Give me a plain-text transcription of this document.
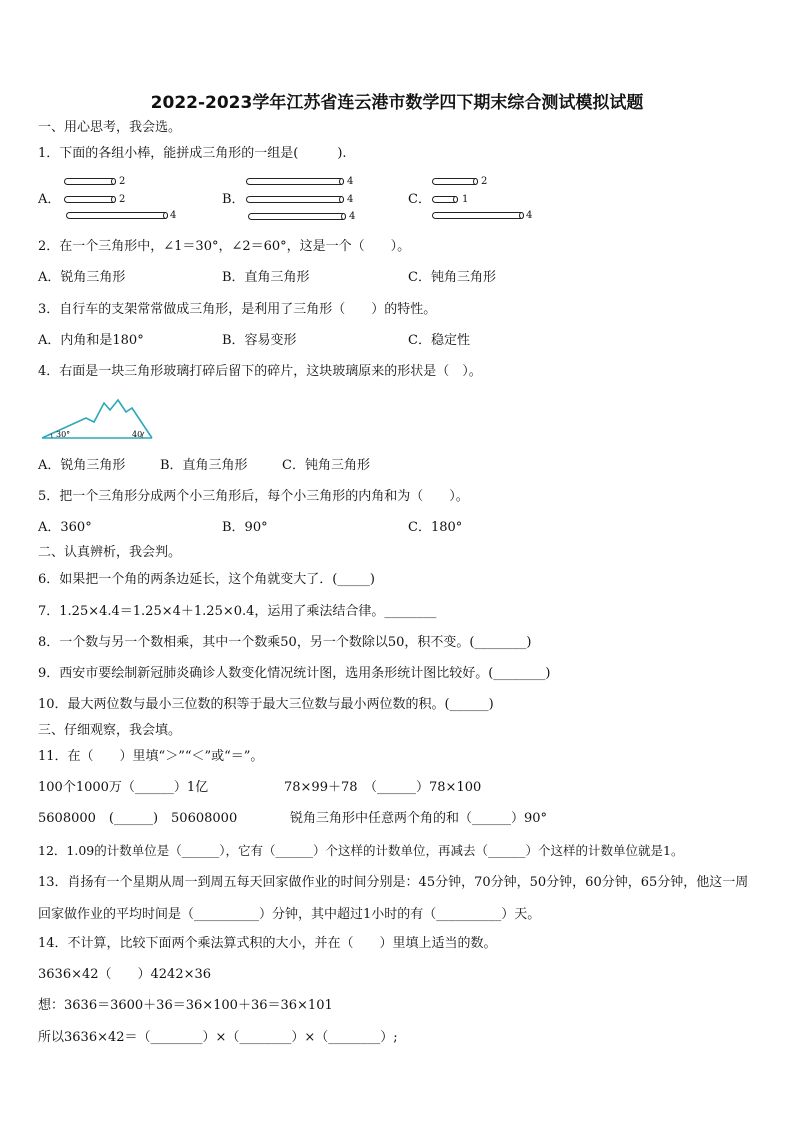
2022-2023学年江苏省连云港市数学四下期末综合测试模拟试题
一、用心思考，我会选。
1．下面的各组小棒，能拼成三角形的一组是(　　　).
A．
2
2
4
B．
4
4
4
C．
2
1
4
2．在一个三角形中，∠1＝30°，∠2＝60°，这是一个（　　）。
A．锐角三角形	B．直角三角形	C．钝角三角形
3．自行车的支架常常做成三角形，是利用了三角形（　　）的特性。
A．内角和是180°	B．容易变形	C．稳定性
4．右面是一块三角形玻璃打碎后留下的碎片，这块玻璃原来的形状是（　）。
30°	40
A．锐角三角形	B．直角三角形	C．钝角三角形
5．把一个三角形分成两个小三角形后，每个小三角形的内角和为（　　）。
A．360°	B．90°	C．180°
二、认真辨析，我会判。
6．如果把一个角的两条边延长，这个角就变大了．(_____)
7．1.25×4.4＝1.25×4＋1.25×0.4，运用了乘法结合律。________
8．一个数与另一个数相乘，其中一个数乘50，另一个数除以50，积不变。(________)
9．西安市要绘制新冠肺炎确诊人数变化情况统计图，选用条形统计图比较好。(________)
10．最大两位数与最小三位数的积等于最大三位数与最小两位数的积。(______)
三、仔细观察，我会填。
11．在（　　）里填“＞”“＜”或“＝”。
100个1000万（______）1亿	78×99＋78　（______）78×100
5608000　(______)　50608000	锐角三角形中任意两个角的和（______）90°
12．1.09的计数单位是（______），它有（______）个这样的计数单位，再减去（______）个这样的计数单位就是1。
13．肖扬有一个星期从周一到周五每天回家做作业的时间分别是：45分钟，70分钟，50分钟，60分钟，65分钟，他这一周回家做作业的平均时间是（__________）分钟，其中超过1小时的有（__________）天。
14．不计算，比较下面两个乘法算式积的大小，并在（　　）里填上适当的数。
3636×42（　　）4242×36
想：3636＝3600＋36＝36×100＋36＝36×101
所以3636×42＝（________）×（________）×（________）;
